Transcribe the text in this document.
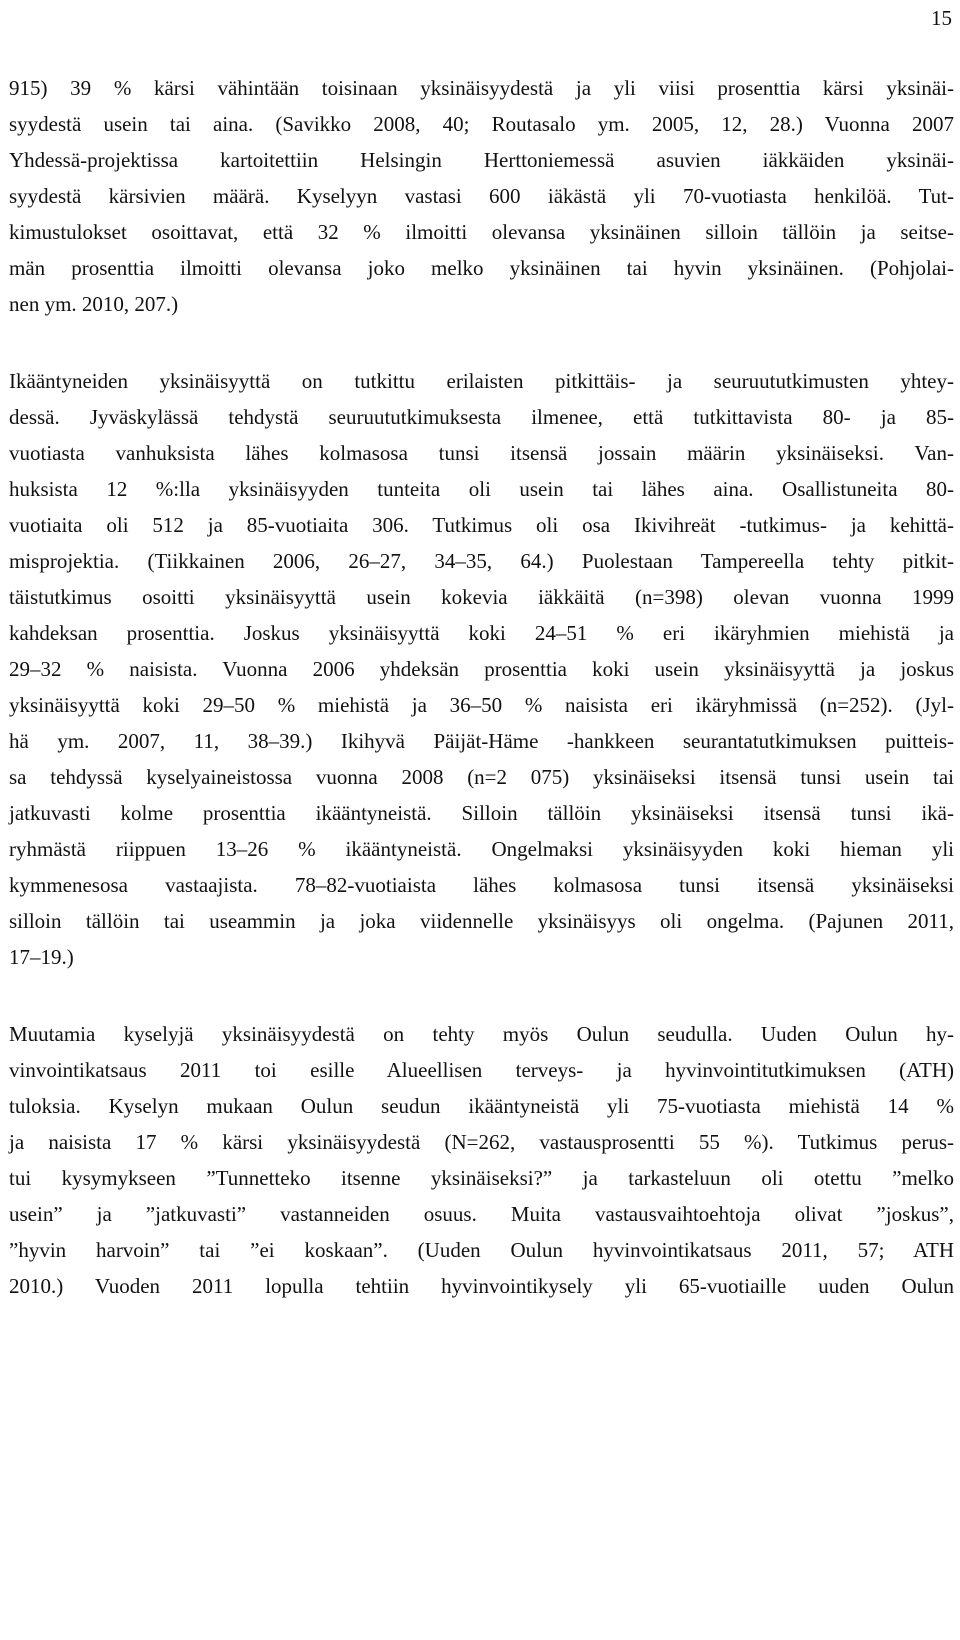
15
915) 39 % kärsi vähintään toisinaan yksinäisyydestä ja yli viisi prosenttia kärsi yksinäi-
syydestä usein tai aina. (Savikko 2008, 40; Routasalo ym. 2005, 12, 28.) Vuonna 2007
Yhdessä-projektissa kartoitettiin Helsingin Herttoniemessä asuvien iäkkäiden yksinäi-
syydestä kärsivien määrä. Kyselyyn vastasi 600 iäkästä yli 70-vuotiasta henkilöä. Tut-
kimustulokset osoittavat, että 32 % ilmoitti olevansa yksinäinen silloin tällöin ja seitse-
män prosenttia ilmoitti olevansa joko melko yksinäinen tai hyvin yksinäinen. (Pohjolai-
nen ym. 2010, 207.)
Ikääntyneiden yksinäisyyttä on tutkittu erilaisten pitkittäis- ja seuruututkimusten yhtey-
dessä. Jyväskylässä tehdystä seuruututkimuksesta ilmenee, että tutkittavista 80- ja 85-
vuotiasta vanhuksista lähes kolmasosa tunsi itsensä jossain määrin yksinäiseksi. Van-
huksista 12 %:lla yksinäisyyden tunteita oli usein tai lähes aina. Osallistuneita 80-
vuotiaita oli 512 ja 85-vuotiaita 306. Tutkimus oli osa Ikivihreät -tutkimus- ja kehittä-
misprojektia. (Tiikkainen 2006, 26–27, 34–35, 64.) Puolestaan Tampereella tehty pitkit-
täistutkimus osoitti yksinäisyyttä usein kokevia iäkkäitä (n=398) olevan vuonna 1999
kahdeksan prosenttia. Joskus yksinäisyyttä koki 24–51 % eri ikäryhmien miehistä ja
29–32 % naisista. Vuonna 2006 yhdeksän prosenttia koki usein yksinäisyyttä ja joskus
yksinäisyyttä koki 29–50 % miehistä ja 36–50 % naisista eri ikäryhmissä (n=252). (Jyl-
hä ym. 2007, 11, 38–39.) Ikihyvä Päijät-Häme -hankkeen seurantatutkimuksen puitteis-
sa tehdyssä kyselyaineistossa vuonna 2008 (n=2 075) yksinäiseksi itsensä tunsi usein tai
jatkuvasti kolme prosenttia ikääntyneistä. Silloin tällöin yksinäiseksi itsensä tunsi ikä-
ryhmästä riippuen 13–26 % ikääntyneistä. Ongelmaksi yksinäisyyden koki hieman yli
kymmenesosa vastaajista. 78–82-vuotiaista lähes kolmasosa tunsi itsensä yksinäiseksi
silloin tällöin tai useammin ja joka viidennelle yksinäisyys oli ongelma. (Pajunen 2011,
17–19.)
Muutamia kyselyjä yksinäisyydestä on tehty myös Oulun seudulla. Uuden Oulun hy-
vinvointikatsaus 2011 toi esille Alueellisen terveys- ja hyvinvointitutkimuksen (ATH)
tuloksia. Kyselyn mukaan Oulun seudun ikääntyneistä yli 75-vuotiasta miehistä 14 %
ja naisista 17 % kärsi yksinäisyydestä (N=262, vastausprosentti 55 %). Tutkimus perus-
tui kysymykseen ”Tunnetteko itsenne yksinäiseksi?” ja tarkasteluun oli otettu ”melko
usein” ja ”jatkuvasti” vastanneiden osuus. Muita vastausvaihtoehtoja olivat ”joskus”,
”hyvin harvoin” tai ”ei koskaan”. (Uuden Oulun hyvinvointikatsaus 2011, 57; ATH
2010.) Vuoden 2011 lopulla tehtiin hyvinvointikysely yli 65-vuotiaille uuden Oulun
